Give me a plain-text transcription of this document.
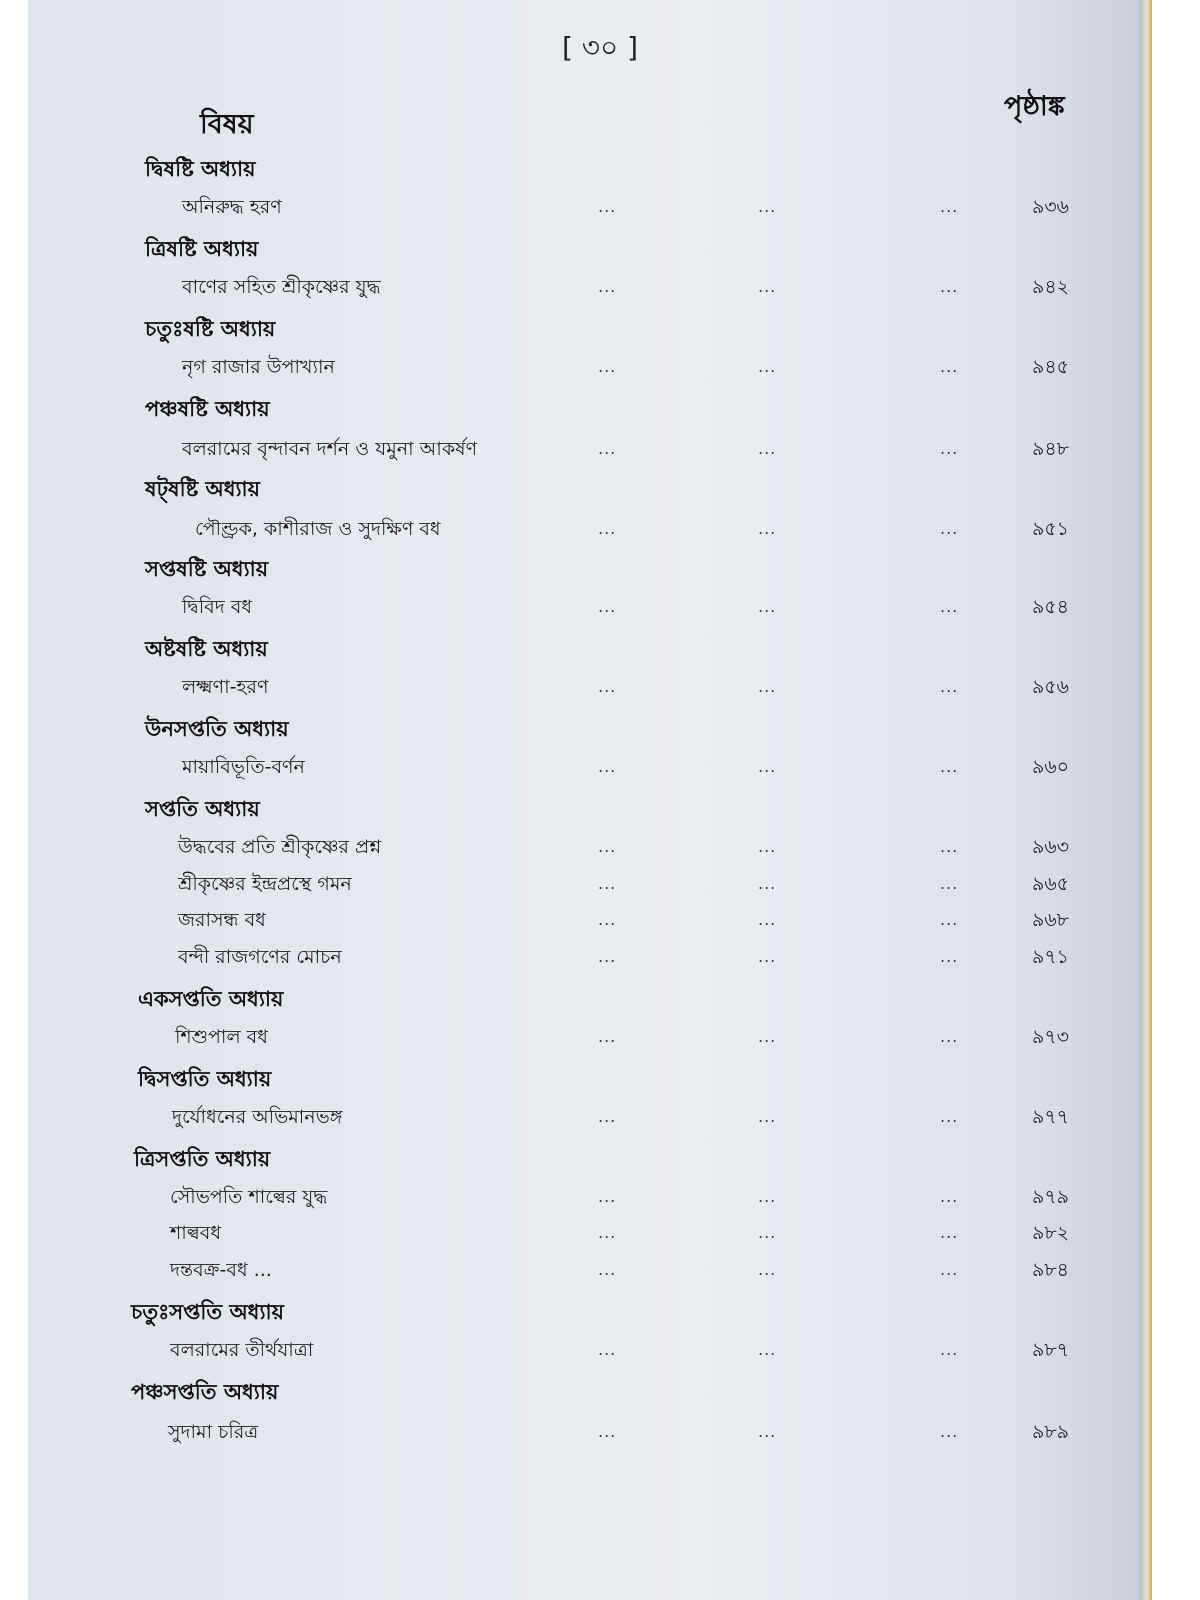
[ ৩০ ]
বিষয়
পৃষ্ঠাঙ্ক
দ্বিষষ্টি অধ্যায়
অনিরুদ্ধ হরণ	...	...	...	৯৩৬
ত্রিষষ্টি অধ্যায়
বাণের সহিত শ্রীকৃষ্ণের যুদ্ধ	...	...	...	৯৪২
চতুঃষষ্টি অধ্যায়
নৃগ রাজার উপাখ্যান	...	...	...	৯৪৫
পঞ্চষষ্টি অধ্যায়
বলরামের বৃন্দাবন দর্শন ও যমুনা আকর্ষণ	...	...	...	৯৪৮
ষট্‌ষষ্টি অধ্যায়
পৌণ্ড্রক, কাশীরাজ ও সুদক্ষিণ বধ	...	...	...	৯৫১
সপ্তষষ্টি অধ্যায়
দ্বিবিদ বধ	...	...	...	৯৫৪
অষ্টষষ্টি অধ্যায়
লক্ষ্মণা-হরণ	...	...	...	৯৫৬
উনসপ্ততি অধ্যায়
মায়াবিভূতি-বর্ণন	...	...	...	৯৬০
সপ্ততি অধ্যায়
উদ্ধবের প্রতি শ্রীকৃষ্ণের প্রশ্ন	...	...	...	৯৬৩
শ্রীকৃষ্ণের ইন্দ্রপ্রস্থে গমন	...	...	...	৯৬৫
জরাসন্ধ বধ	...	...	...	৯৬৮
বন্দী রাজগণের মোচন	...	...	...	৯৭১
একসপ্ততি অধ্যায়
শিশুপাল বধ	...	...	...	৯৭৩
দ্বিসপ্ততি অধ্যায়
দুর্যোধনের অভিমানভঙ্গ	...	...	...	৯৭৭
ত্রিসপ্ততি অধ্যায়
সৌভপতি শাল্বের যুদ্ধ	...	...	...	৯৭৯
শাল্ববধ	...	...	...	৯৮২
দন্তবক্র-বধ ...	...	...	...	৯৮৪
চতুঃসপ্ততি অধ্যায়
বলরামের তীর্থযাত্রা	...	...	...	৯৮৭
পঞ্চসপ্ততি অধ্যায়
সুদামা চরিত্র	...	...	...	৯৮৯
